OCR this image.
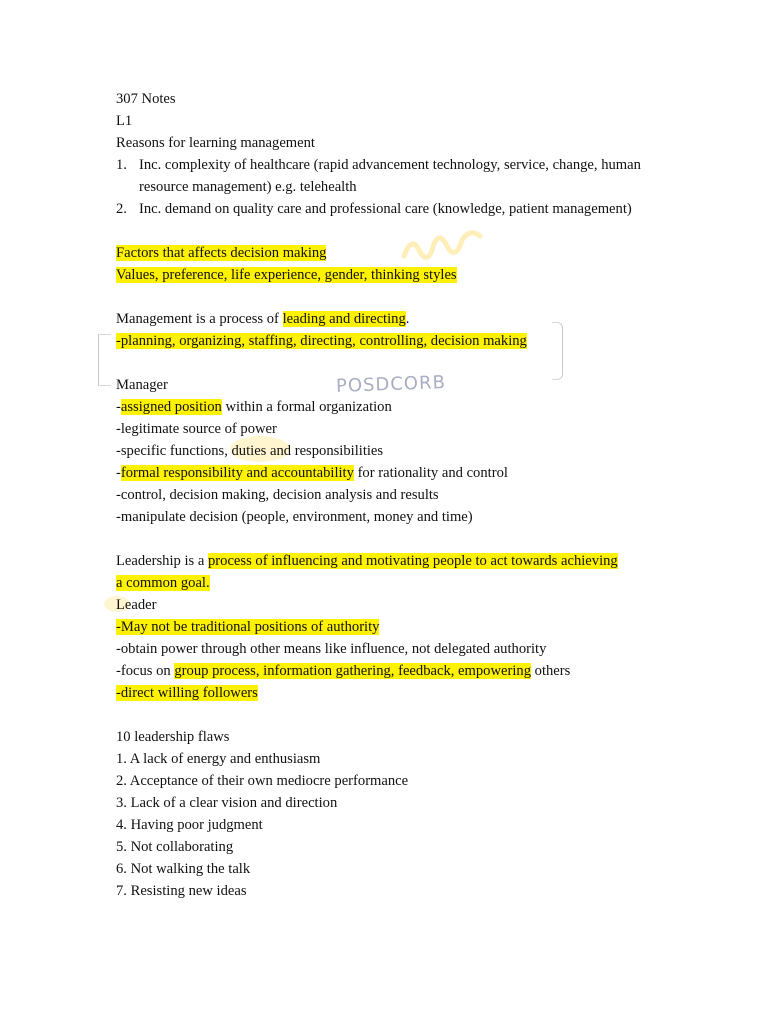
POSDCORB
307 Notes
L1
Reasons for learning management
1. Inc. complexity of healthcare (rapid advancement technology, service, change, human resource management) e.g. telehealth
2. Inc. demand on quality care and professional care (knowledge, patient management)
Factors that affects decision making
Values, preference, life experience, gender, thinking styles
Management is a process of leading and directing.
-planning, organizing, staffing, directing, controlling, decision making
Manager
-assigned position within a formal organization
-legitimate source of power
-specific functions, duties and responsibilities
-formal responsibility and accountability for rationality and control
-control, decision making, decision analysis and results
-manipulate decision (people, environment, money and time)
Leadership is a process of influencing and motivating people to act towards achieving
a common goal.
Leader
-May not be traditional positions of authority
-obtain power through other means like influence, not delegated authority
-focus on group process, information gathering, feedback, empowering others
-direct willing followers
10 leadership flaws
1. A lack of energy and enthusiasm
2. Acceptance of their own mediocre performance
3. Lack of a clear vision and direction
4. Having poor judgment
5. Not collaborating
6. Not walking the talk
7. Resisting new ideas
